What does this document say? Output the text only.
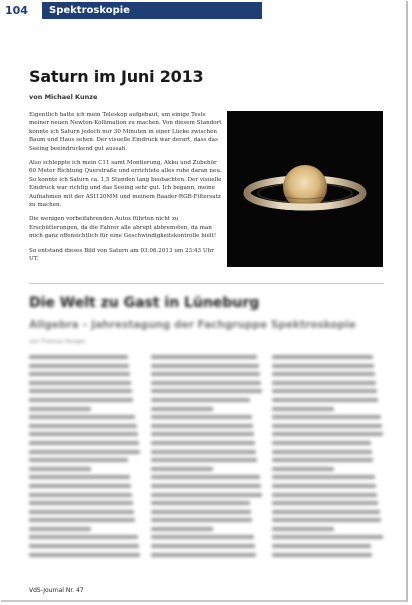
104 Spektroskopie
Saturn im Juni 2013
von Michael Kunze

Eigentlich hatte ich mein Teleskop aufgebaut, um einige Tests meiner neuen Newton-Kollimation zu machen. Von diesem Standort konnte ich Saturn jedoch nur 30 Minuten in einer Lücke zwischen Baum und Haus sehen. Der visuelle Eindruck war derart, dass das Seeing beeindruckend gut aussah.

Also schleppte ich mein C11 samt Montierung, Akku und Zubehör 60 Meter Richtung Querstraße und errichtete alles ruhe daran neu. So konnte ich Saturn ca. 1,5 Stunden lang beobachten. Der visuelle Eindruck war richtig und das Seeing sehr gut. Ich begann, meine Aufnahmen mit der ASI120MM und meinem Baader-RGB-Filtersatz zu machen.

Die wenigen vorbeifahrenden Autos führten nicht zu Erschütterungen, da die Fahrer alle abrupt abbremsten, da man mich ganz offensichtlich für eine Geschwindigkeitskontrolle hielt!

So entstand dieses Bild von Saturn am 03.06.2013 um 23:43 Uhr UT.

Die Welt zu Gast in Lüneburg
Allgebra – Jahrestagung der Fachgruppe Spektroskopie
von Thomas Hunger
VdS-Journal Nr. 47
